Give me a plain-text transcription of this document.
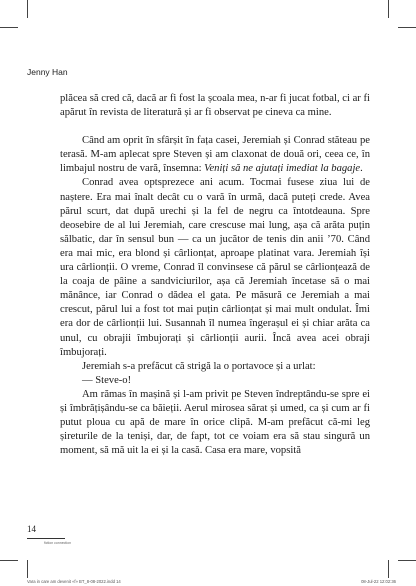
Jenny Han

plăcea să cred că, dacă ar fi fost la școala mea, n-ar fi jucat fotbal, ci ar fi apărut în revista de literatură și ar fi observat pe cineva ca mine.

Când am oprit în sfârșit în fața casei, Jeremiah și Conrad stăteau pe terasă. M-am aplecat spre Steven și am claxonat de două ori, ceea ce, în limbajul nostru de vară, însemna: Veniți să ne ajutați imediat la bagaje.

Conrad avea optsprezece ani acum. Tocmai fusese ziua lui de naștere. Era mai înalt decât cu o vară în urmă, dacă puteți crede. Avea părul scurt, dat după urechi și la fel de negru ca întotdeauna. Spre deosebire de al lui Jeremiah, care crescuse mai lung, așa că arăta puțin sălbatic, dar în sensul bun — ca un jucător de tenis din anii ’70. Când era mai mic, era blond și cârlionțat, aproape platinat vara. Jeremiah își ura cârlionții. O vreme, Conrad îl convinsese că părul se cârlionțează de la coaja de pâine a sandviciurilor, așa că Jeremiah încetase să o mai mănânce, iar Conrad o dădea el gata. Pe măsură ce Jeremiah a mai crescut, părul lui a fost tot mai puțin cârlionțat și mai mult ondulat. Îmi era dor de cârlionții lui. Susannah îl numea îngerașul ei și chiar arăta ca unul, cu obrajii îmbujorați și cârlionții aurii. Încă avea acei obraji îmbujorați.

Jeremiah s-a prefăcut că strigă la o portavoce și a urlat:

— Steve-o!

Am rămas în mașină și l-am privit pe Steven îndreptându-se spre ei și îmbrățișându-se ca băieții. Aerul mirosea sărat și umed, ca și cum ar fi putut ploua cu apă de mare în orice clipă. M-am prefăcut că-mi leg șireturile de la teniși, dar, de fapt, tot ce voiam era să stau singură un moment, să mă uit la ei și la casă. Casa era mare, vopsită

14
fiction connection
Vara in care am devenit «f» BT_8-08-2022.indd 14	08-Jul-22 12:02:36
